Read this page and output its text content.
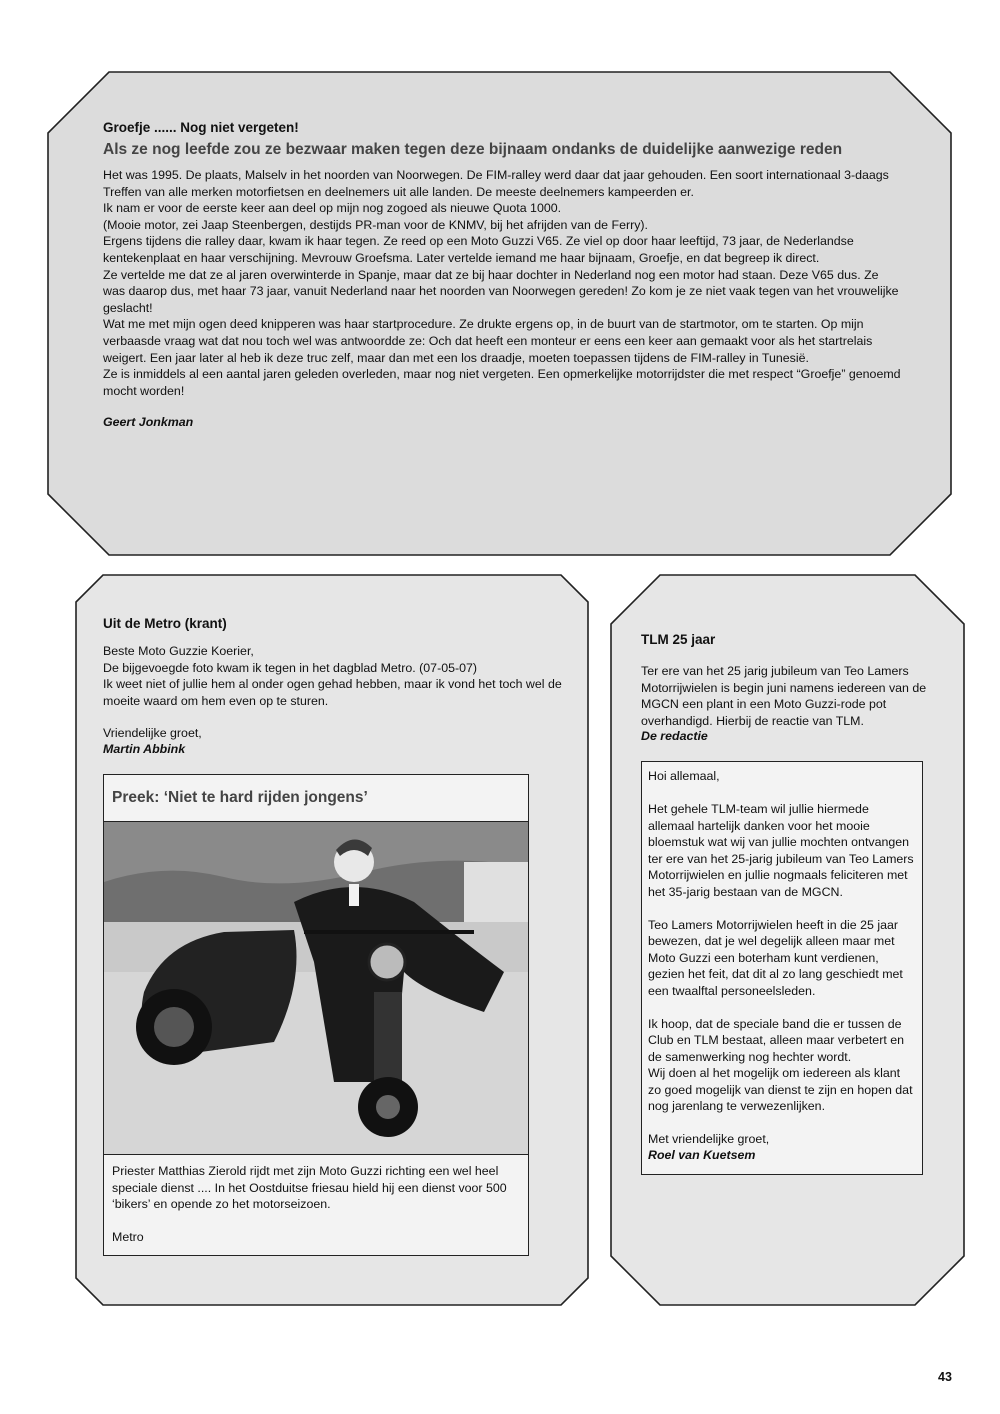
Groefje ...... Nog niet vergeten!
Als ze nog leefde zou ze bezwaar maken tegen deze bijnaam ondanks de duidelijke aanwezige reden

Het was 1995. De plaats, Malselv in het noorden van Noorwegen. De FIM-ralley werd daar dat jaar gehouden. Een soort internationaal 3-daags Treffen van alle merken motorfietsen en deelnemers uit alle landen. De meeste deelnemers kampeerden er.

Ik nam er voor de eerste keer aan deel op mijn nog zogoed als nieuwe Quota 1000.

(Mooie motor, zei Jaap Steenbergen, destijds PR-man voor de KNMV, bij het afrijden van de Ferry).

Ergens tijdens die ralley daar, kwam ik haar tegen. Ze reed op een Moto Guzzi V65. Ze viel op door haar leeftijd, 73 jaar, de Nederlandse kentekenplaat en haar verschijning. Mevrouw Groefsma. Later vertelde iemand me haar bijnaam, Groefje, en dat begreep ik direct.

Ze vertelde me dat ze al jaren overwinterde in Spanje, maar dat ze bij haar dochter in Nederland nog een motor had staan. Deze V65 dus. Ze was daarop dus, met haar 73 jaar, vanuit Nederland naar het noorden van Noorwegen gereden! Zo kom je ze niet vaak tegen van het vrouwelijke geslacht!

Wat me met mijn ogen deed knipperen was haar startprocedure. Ze drukte ergens op, in de buurt van de startmotor, om te starten. Op mijn verbaasde vraag wat dat nou toch wel was antwoordde ze: Och dat heeft een monteur er eens een keer aan gemaakt voor als het startrelais weigert. Een jaar later al heb ik deze truc zelf, maar dan met een los draadje, moeten toepassen tijdens de FIM-ralley in Tunesië.

Ze is inmiddels al een aantal jaren geleden overleden, maar nog niet vergeten. Een opmerkelijke motorrijdster die met respect “Groefje” genoemd mocht worden!

Geert Jonkman

Uit de Metro (krant)

Beste Moto Guzzie Koerier,

De bijgevoegde foto kwam ik tegen in het dagblad Metro. (07-05-07)

Ik weet niet of jullie hem al onder ogen gehad hebben, maar ik vond het toch wel de moeite waard om hem even op te sturen.

Vriendelijke groet,

Martin Abbink

Preek: ‘Niet te hard rijden jongens’

Priester Matthias Zierold rijdt met zijn Moto Guzzi richting een wel heel speciale dienst .... In het Oostduitse friesau hield hij een dienst voor 500 ‘bikers’ en opende zo het motorseizoen.

Metro

TLM 25 jaar

Ter ere van het 25 jarig jubileum van Teo Lamers Motorrijwielen is begin juni namens iedereen van de MGCN een plant in een Moto Guzzi-rode pot overhandigd. Hierbij de reactie van TLM.

De redactie

Hoi allemaal,

Het gehele TLM-team wil jullie hiermede allemaal hartelijk danken voor het mooie bloemstuk wat wij van jullie mochten ontvangen ter ere van het 25-jarig jubileum van Teo Lamers Motorrijwielen en jullie nogmaals feliciteren met het 35-jarig bestaan van de MGCN.

Teo Lamers Motorrijwielen heeft in die 25 jaar bewezen, dat je wel degelijk alleen maar met Moto Guzzi een boterham kunt verdienen, gezien het feit, dat dit al zo lang geschiedt met een twaalftal personeelsleden.

Ik hoop, dat de speciale band die er tussen de Club en TLM bestaat, alleen maar verbetert en de samenwerking nog hechter wordt.

Wij doen al het mogelijk om iedereen als klant zo goed mogelijk van dienst te zijn en hopen dat nog jarenlang te verwezenlijken.

Met vriendelijke groet,

Roel van Kuetsem

43
